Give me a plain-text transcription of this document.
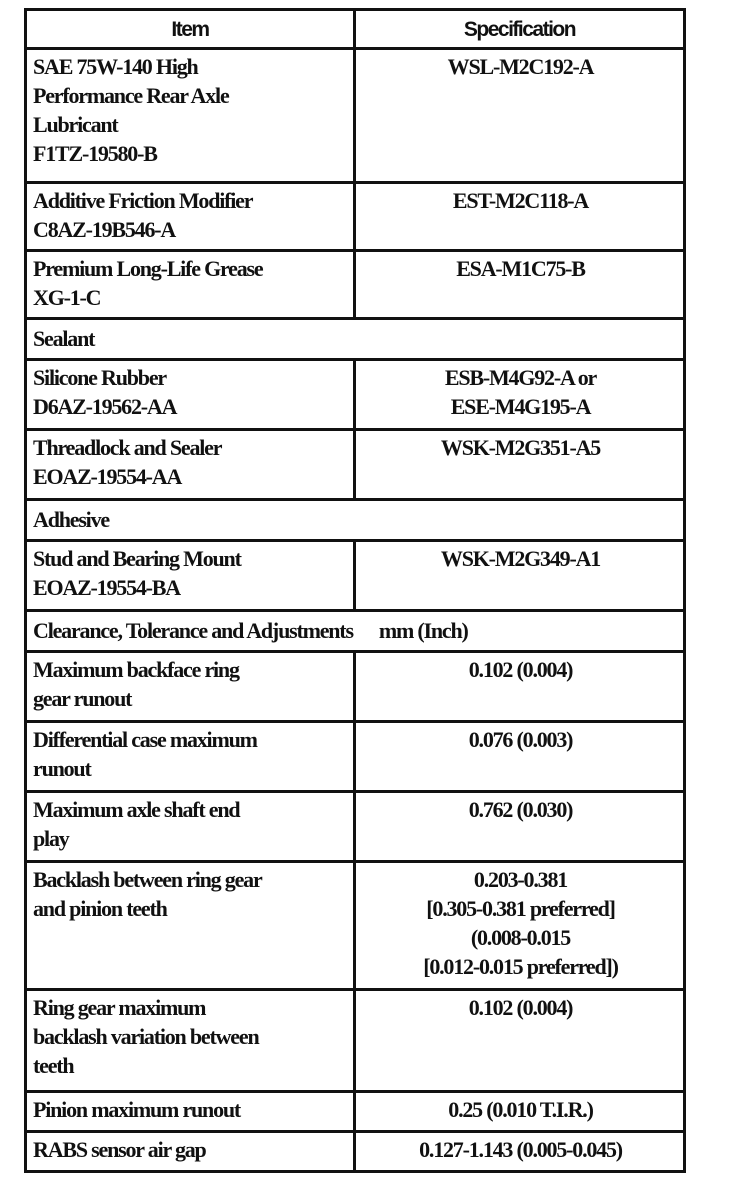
Item	Specification

SAE 75W-140 High
Performance Rear Axle
Lubricant
F1TZ-19580-B	WSL-M2C192-A

Additive Friction Modifier
C8AZ-19B546-A	EST-M2C118-A

Premium Long-Life Grease
XG-1-C	ESA-M1C75-B

Sealant	

Silicone Rubber
D6AZ-19562-AA	ESB-M4G92-A or
ESE-M4G195-A

Threadlock and Sealer
EOAZ-19554-AA	WSK-M2G351-A5

Adhesive	

Stud and Bearing Mount
EOAZ-19554-BA	WSK-M2G349-A1

Clearance, Tolerance and Adjustments mm (Inch)	

Maximum backface ring
gear runout	0.102 (0.004)

Differential case maximum
runout	0.076 (0.003)

Maximum axle shaft end
play	0.762 (0.030)

Backlash between ring gear
and pinion teeth	0.203-0.381
[0.305-0.381 preferred]
(0.008-0.015
[0.012-0.015 preferred])

Ring gear maximum
backlash variation between
teeth	0.102 (0.004)

Pinion maximum runout	0.25 (0.010 T.I.R.)

RABS sensor air gap	0.127-1.143 (0.005-0.045)
